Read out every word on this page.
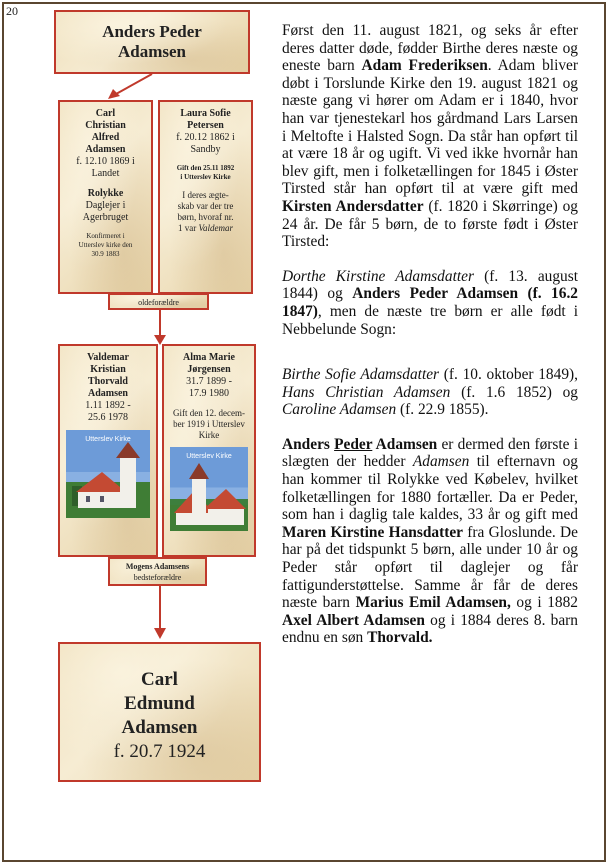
20
Anders Peder
Adamsen
Carl
Christian
Alfred
Adamsen
f. 12.10 1869 i
Landet
Rolykke
Daglejer i
Agerbruget
Konfirmeret i
Utterslev kirke den
30.9 1883
Laura Sofie
Petersen
f. 20.12 1862 i
Sandby
Gift den 25.11 1892
i Utterslev Kirke
I deres ægte-
skab var der tre
børn, hvoraf nr.
1 var Valdemar
oldeforældre
Valdemar
Kristian
Thorvald
Adamsen
1.11 1892 -
25.6 1978
Utterslev Kirke
Alma Marie
Jørgensen
31.7 1899 -
17.9 1980
Gift den 12. decem-
ber 1919 i Utterslev
Kirke
Utterslev Kirke
Mogens Adamsens
bedsteforældre
Carl
Edmund
Adamsen
f. 20.7 1924

Først den 11. august 1821, og seks år efter deres datter døde, fødder Birthe deres næste og eneste barn Adam Frederiksen. Adam bliver døbt i Torslunde Kirke den 19. august 1821 og næste gang vi hører om Adam er i 1840, hvor han var tjenestekarl hos gårdmand Lars Larsen i Meltofte i Halsted Sogn. Da står han opført til at være 18 år og ugift. Vi ved ikke hvornår han blev gift, men i folketællingen for 1845 i Øster Tirsted står han opført til at være gift med Kirsten Andersdatter (f. 1820 i Skørringe) og 24 år. De får 5 børn, de to første født i Øster Tirsted:

Dorthe Kirstine Adamsdatter (f. 13. august 1844) og Anders Peder Adamsen (f. 16.2 1847), men de næste tre børn er alle født i Nebbelunde Sogn:

Birthe Sofie Adamsdatter (f. 10. oktober 1849), Hans Christian Adamsen (f. 1.6 1852) og Caroline Adamsen (f. 22.9 1855).

Anders Peder Adamsen er dermed den første i slægten der hedder Adamsen til efternavn og han kommer til Rolykke ved Købelev, hvilket folketællingen for 1880 fortæller. Da er Peder, som han i daglig tale kaldes, 33 år og gift med Maren Kirstine Hansdatter fra Gloslunde. De har på det tidspunkt 5 børn, alle under 10 år og Peder står opført til daglejer og får fattigunderstøttelse. Samme år får de deres næste barn Marius Emil Adamsen, og i 1882 Axel Albert Adamsen og i 1884 deres 8. barn endnu en søn Thorvald.
